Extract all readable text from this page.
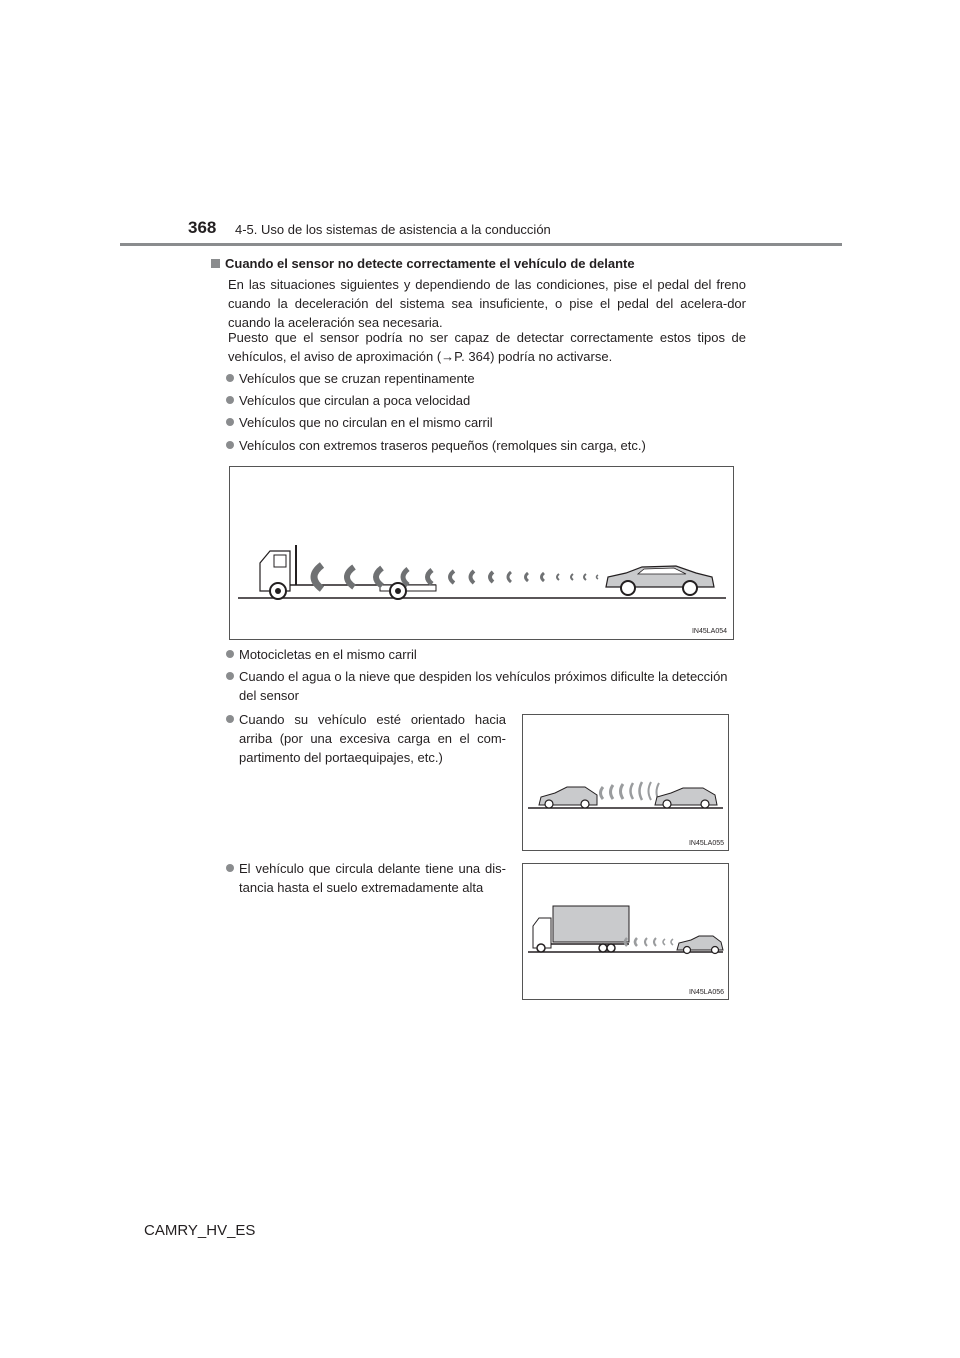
368 4-5. Uso de los sistemas de asistencia a la conducción
Cuando el sensor no detecte correctamente el vehículo de delante
En las situaciones siguientes y dependiendo de las condiciones, pise el pedal del freno cuando la deceleración del sistema sea insuficiente, o pise el pedal del acelera-dor cuando la aceleración sea necesaria.
Puesto que el sensor podría no ser capaz de detectar correctamente estos tipos de vehículos, el aviso de aproximación (→P. 364) podría no activarse.
Vehículos que se cruzan repentinamente
Vehículos que circulan a poca velocidad
Vehículos que no circulan en el mismo carril
Vehículos con extremos traseros pequeños (remolques sin carga, etc.)
IN45LA054
Motocicletas en el mismo carril
Cuando el agua o la nieve que despiden los vehículos próximos dificulte la detección del sensor
Cuando su vehículo esté orientado hacia arriba (por una excesiva carga en el com-partimento del portaequipajes, etc.)
IN45LA055
El vehículo que circula delante tiene una dis-tancia hasta el suelo extremadamente alta
IN45LA056
CAMRY_HV_ES
